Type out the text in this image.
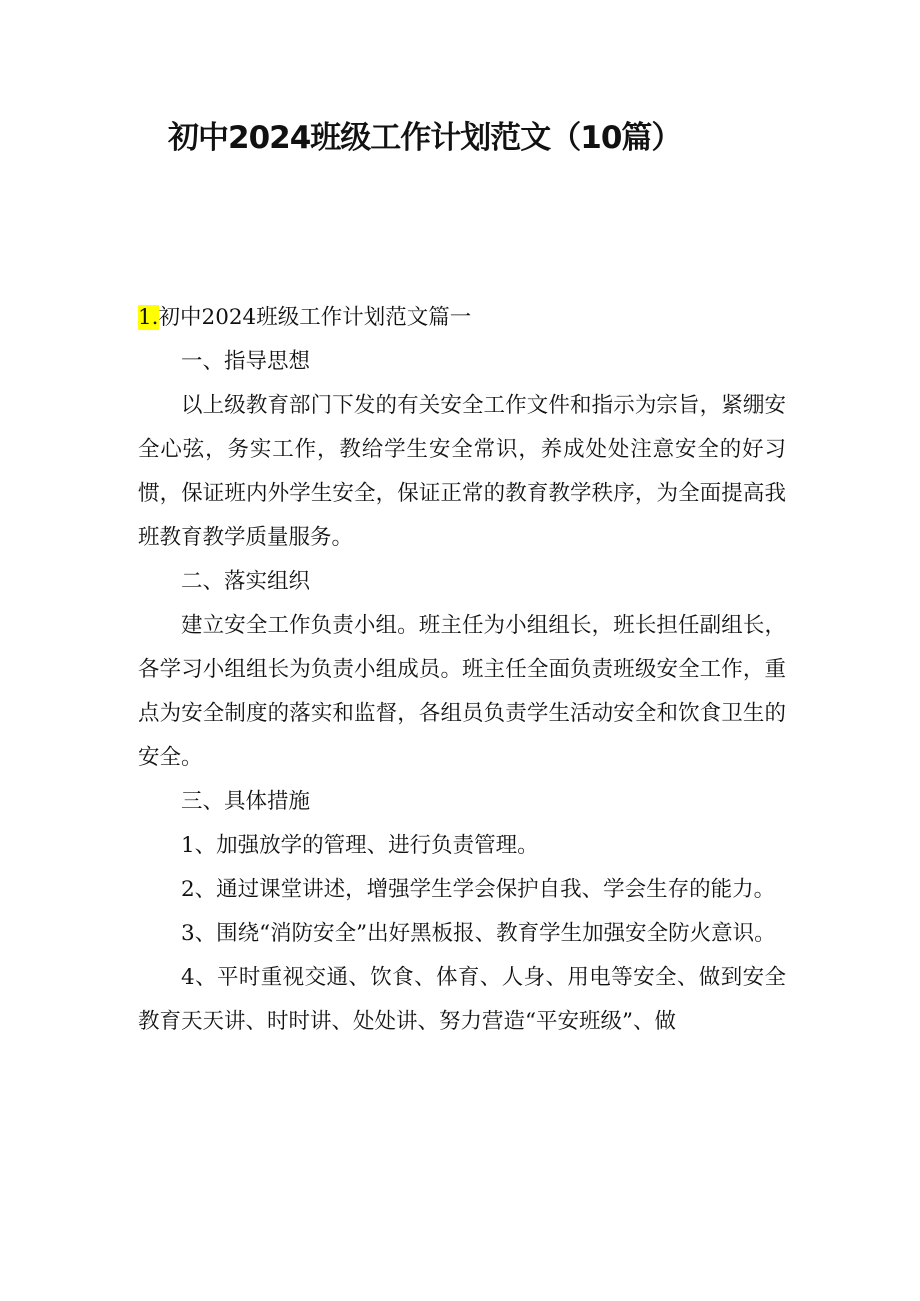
初中2024班级工作计划范文（10篇）

1.初中2024班级工作计划范文篇一

一、指导思想

以上级教育部门下发的有关安全工作文件和指示为宗旨，紧绷安全心弦，务实工作，教给学生安全常识，养成处处注意安全的好习惯，保证班内外学生安全，保证正常的教育教学秩序，为全面提高我班教育教学质量服务。

二、落实组织

建立安全工作负责小组。班主任为小组组长，班长担任副组长，各学习小组组长为负责小组成员。班主任全面负责班级安全工作，重点为安全制度的落实和监督，各组员负责学生活动安全和饮食卫生的安全。

三、具体措施

1、加强放学的管理、进行负责管理。

2、通过课堂讲述，增强学生学会保护自我、学会生存的能力。

3、围绕“消防安全”出好黑板报、教育学生加强安全防火意识。

4、平时重视交通、饮食、体育、人身、用电等安全、做到安全教育天天讲、时时讲、处处讲、努力营造“平安班级”、做
